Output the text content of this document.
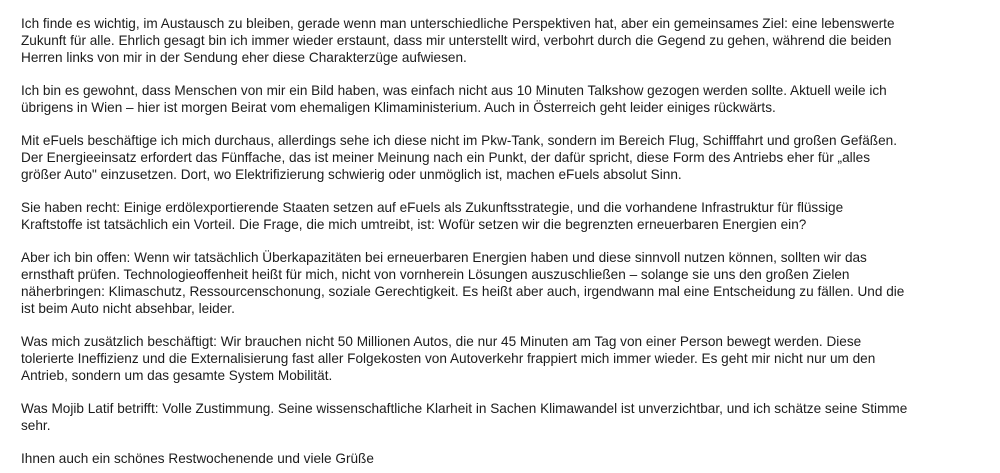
Ich finde es wichtig, im Austausch zu bleiben, gerade wenn man unterschiedliche Perspektiven hat, aber ein gemeinsames Ziel: eine lebenswerte
Zukunft für alle. Ehrlich gesagt bin ich immer wieder erstaunt, dass mir unterstellt wird, verbohrt durch die Gegend zu gehen, während die beiden
Herren links von mir in der Sendung eher diese Charakterzüge aufwiesen.
Ich bin es gewohnt, dass Menschen von mir ein Bild haben, was einfach nicht aus 10 Minuten Talkshow gezogen werden sollte. Aktuell weile ich
übrigens in Wien – hier ist morgen Beirat vom ehemaligen Klimaministerium. Auch in Österreich geht leider einiges rückwärts.
Mit eFuels beschäftige ich mich durchaus, allerdings sehe ich diese nicht im Pkw-Tank, sondern im Bereich Flug, Schifffahrt und großen Gefäßen.
Der Energieeinsatz erfordert das Fünffache, das ist meiner Meinung nach ein Punkt, der dafür spricht, diese Form des Antriebs eher für „alles
größer Auto" einzusetzen. Dort, wo Elektrifizierung schwierig oder unmöglich ist, machen eFuels absolut Sinn.
Sie haben recht: Einige erdölexportierende Staaten setzen auf eFuels als Zukunftsstrategie, und die vorhandene Infrastruktur für flüssige
Kraftstoffe ist tatsächlich ein Vorteil. Die Frage, die mich umtreibt, ist: Wofür setzen wir die begrenzten erneuerbaren Energien ein?
Aber ich bin offen: Wenn wir tatsächlich Überkapazitäten bei erneuerbaren Energien haben und diese sinnvoll nutzen können, sollten wir das
ernsthaft prüfen. Technologieoffenheit heißt für mich, nicht von vornherein Lösungen auszuschließen – solange sie uns den großen Zielen
näherbringen: Klimaschutz, Ressourcenschonung, soziale Gerechtigkeit. Es heißt aber auch, irgendwann mal eine Entscheidung zu fällen. Und die
ist beim Auto nicht absehbar, leider.
Was mich zusätzlich beschäftigt: Wir brauchen nicht 50 Millionen Autos, die nur 45 Minuten am Tag von einer Person bewegt werden. Diese
tolerierte Ineffizienz und die Externalisierung fast aller Folgekosten von Autoverkehr frappiert mich immer wieder. Es geht mir nicht nur um den
Antrieb, sondern um das gesamte System Mobilität.
Was Mojib Latif betrifft: Volle Zustimmung. Seine wissenschaftliche Klarheit in Sachen Klimawandel ist unverzichtbar, und ich schätze seine Stimme
sehr.
Ihnen auch ein schönes Restwochenende und viele Grüße
